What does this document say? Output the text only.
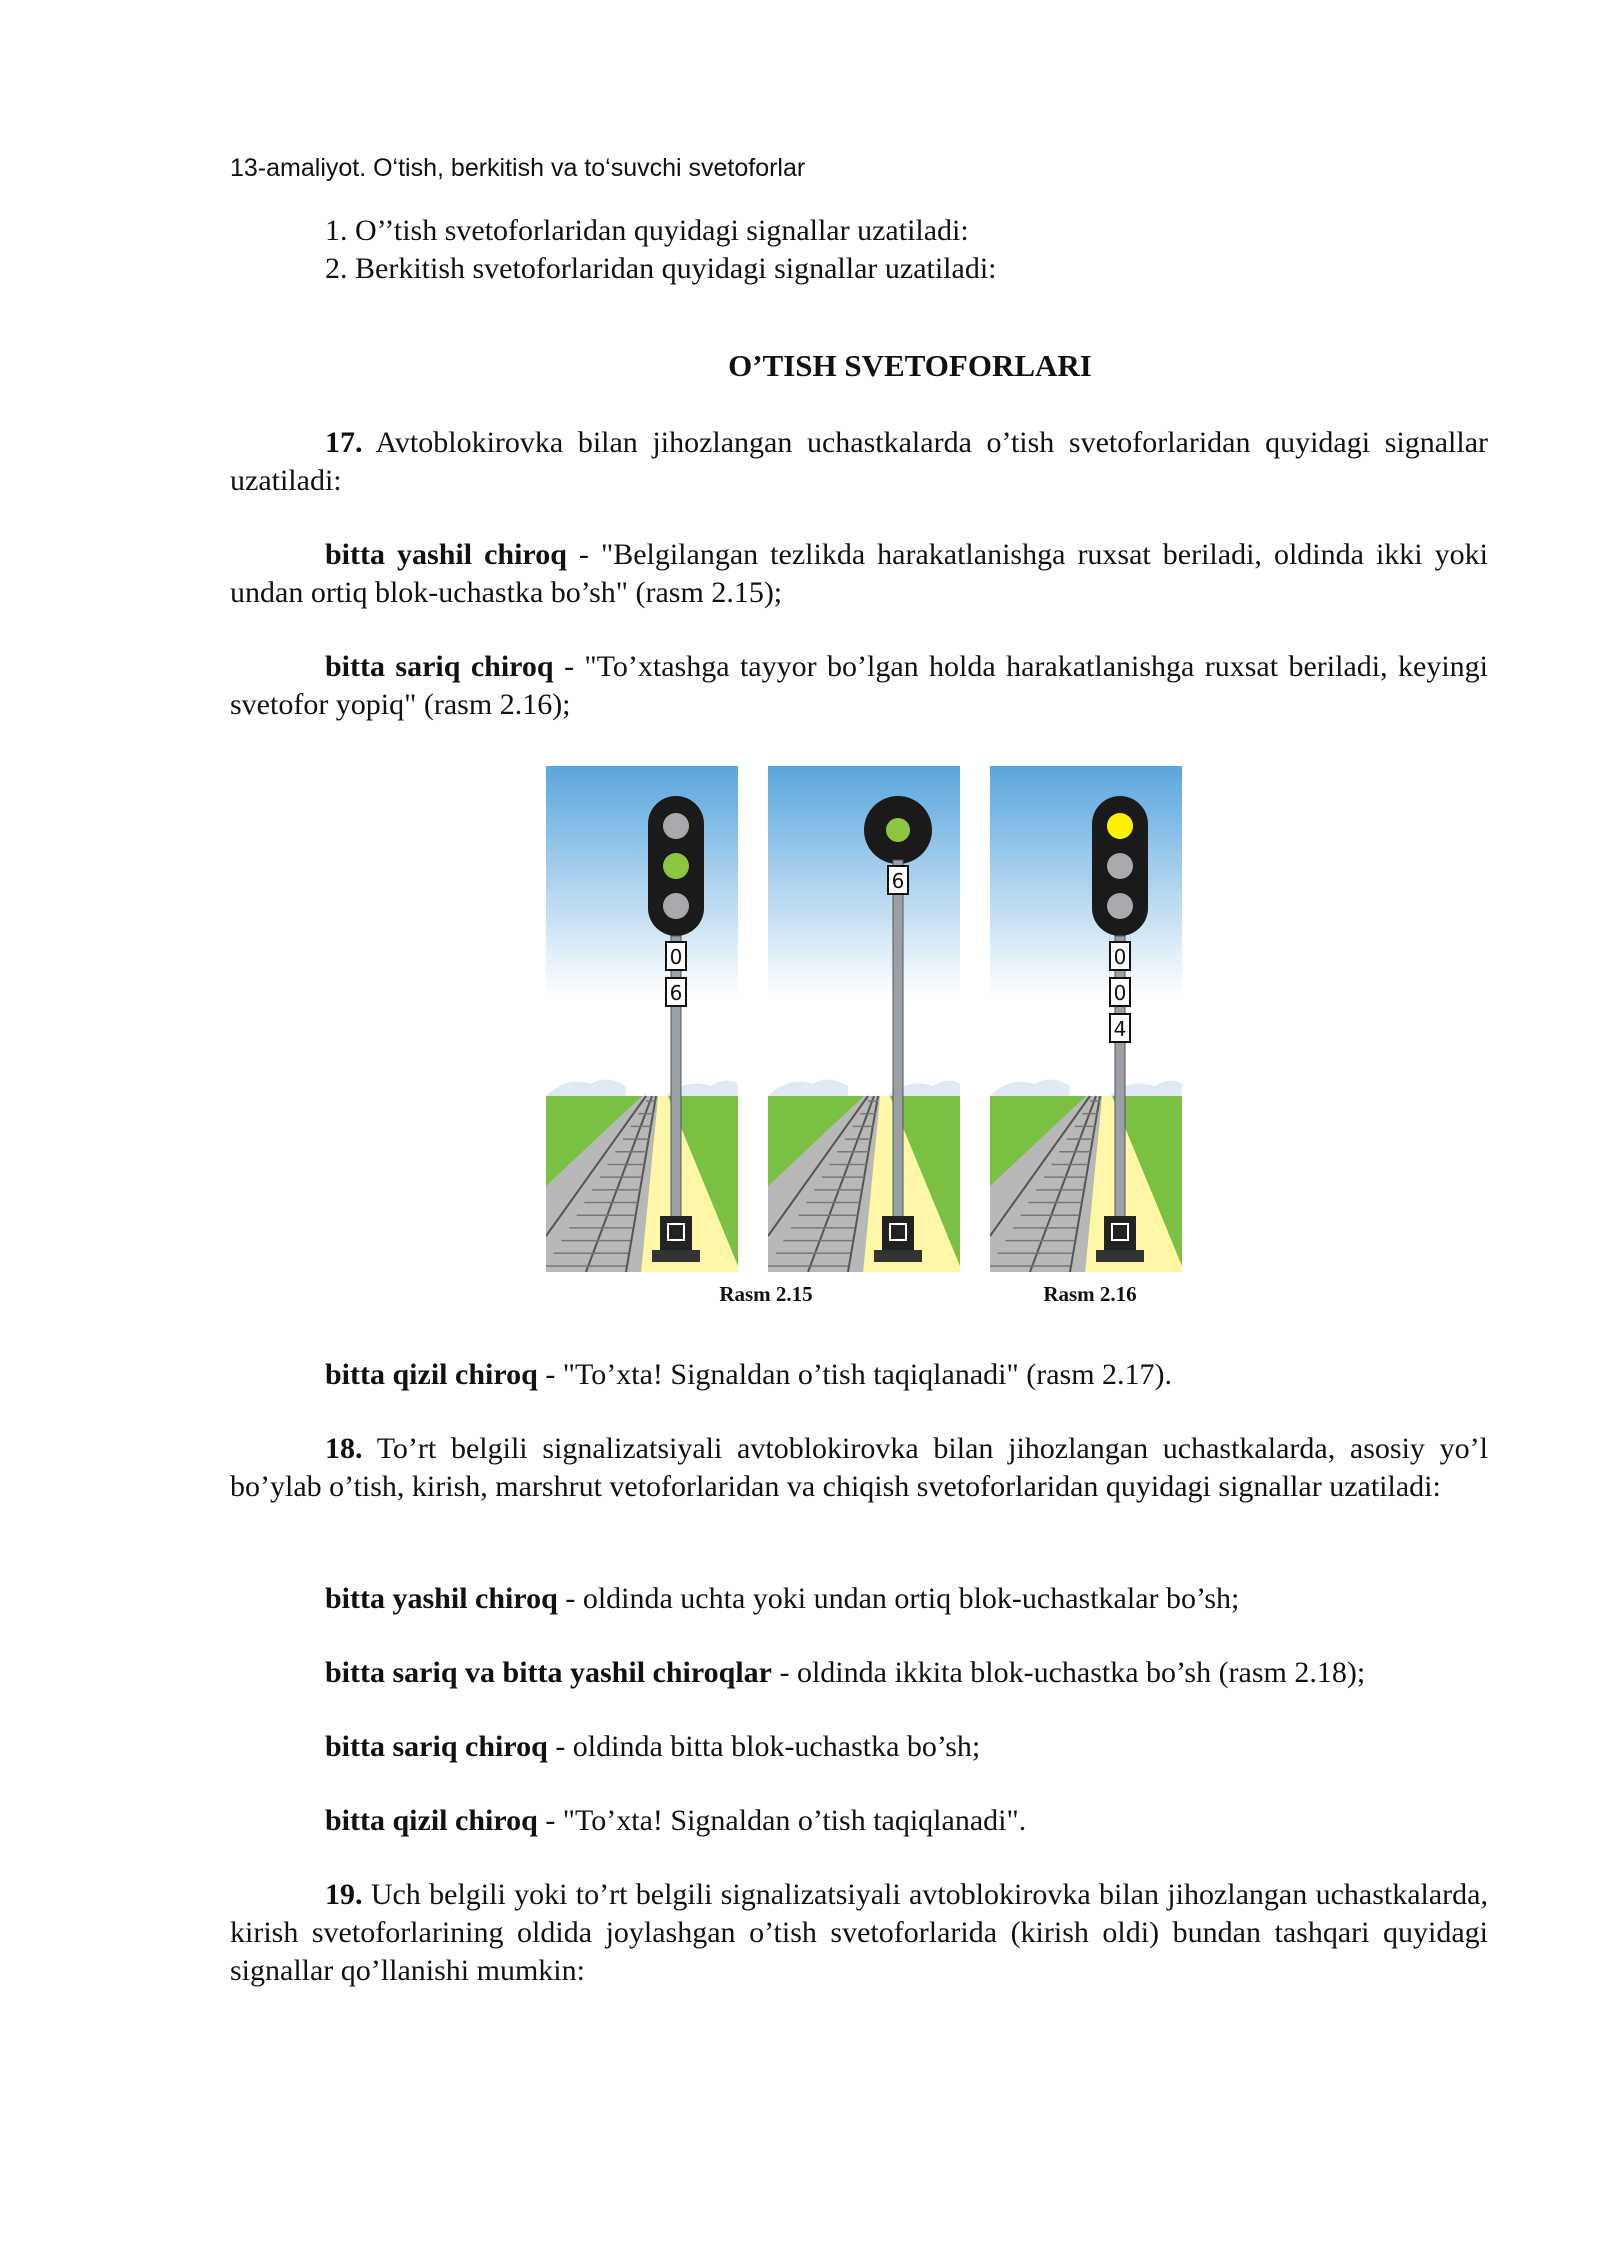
13-amaliyot. O‘tish, berkitish va to‘suvchi svetoforlar
1. O’’tish svetoforlaridan quyidagi signallar uzatiladi:
2. Berkitish svetoforlaridan quyidagi signallar uzatiladi:
O’TISH SVETOFORLARI
17. Avtoblokirovka bilan jihozlangan uchastkalarda o’tish svetoforlaridan quyidagi signallar uzatiladi:
bitta yashil chiroq - "Belgilangan tezlikda harakatlanishga ruxsat beriladi, oldinda ikki yoki undan ortiq blok-uchastka bo’sh" (rasm 2.15);
bitta sariq chiroq - "To’xtashga tayyor bo’lgan holda harakatlanishga ruxsat beriladi, keyingi svetofor yopiq" (rasm 2.16);
0
6
6
0
0
4
Rasm 2.15	Rasm 2.16
bitta qizil chiroq - "To’xta! Signaldan o’tish taqiqlanadi" (rasm 2.17).
18. To’rt belgili signalizatsiyali avtoblokirovka bilan jihozlangan uchastkalarda, asosiy yo’l bo’ylab o’tish, kirish, marshrut vetoforlaridan va chiqish svetoforlaridan quyidagi signallar uzatiladi:
bitta yashil chiroq - oldinda uchta yoki undan ortiq blok-uchastkalar bo’sh;
bitta sariq va bitta yashil chiroqlar - oldinda ikkita blok-uchastka bo’sh (rasm 2.18);
bitta sariq chiroq - oldinda bitta blok-uchastka bo’sh;
bitta qizil chiroq - "To’xta! Signaldan o’tish taqiqlanadi".
19. Uch belgili yoki to’rt belgili signalizatsiyali avtoblokirovka bilan jihozlangan uchastkalarda, kirish svetoforlarining oldida joylashgan o’tish svetoforlarida (kirish oldi) bundan tashqari quyidagi signallar qo’llanishi mumkin:
